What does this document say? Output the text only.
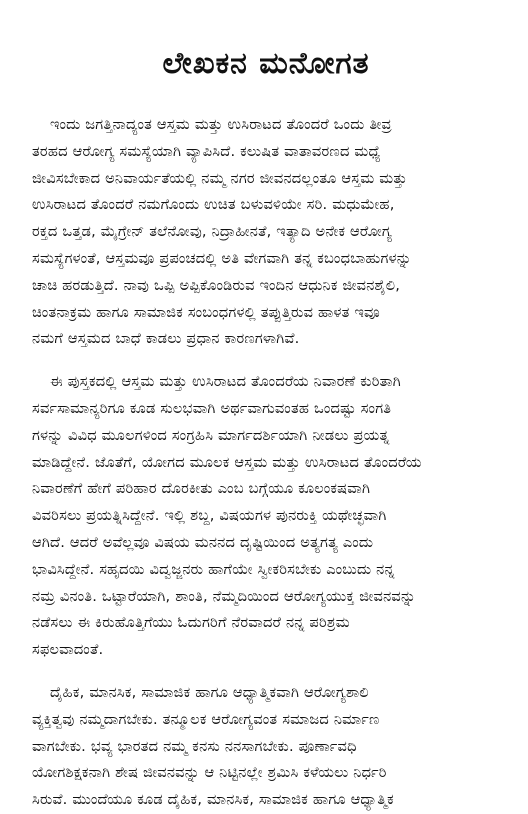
ಲೇಖಕನ ಮನೋಗತ

ಇಂದು ಜಗತ್ತಿನಾದ್ಯಂತ ಆಸ್ತಮ ಮತ್ತು ಉಸಿರಾಟದ ತೊಂದರೆ ಒಂದು ತೀವ್ರ

ತರಹದ ಆರೋಗ್ಯ ಸಮಸ್ಯೆಯಾಗಿ ವ್ಯಾಪಿಸಿದೆ. ಕಲುಷಿತ ವಾತಾವರಣದ ಮಧ್ಯೆ

ಜೀವಿಸಬೇಕಾದ ಅನಿವಾರ್ಯತೆಯಲ್ಲಿ ನಮ್ಮ ನಗರ ಜೀವನದಲ್ಲಂತೂ ಆಸ್ತಮ ಮತ್ತು

ಉಸಿರಾಟದ ತೊಂದರೆ ನಮಗೊಂದು ಉಚಿತ ಬಳುವಳಿಯೇ ಸರಿ. ಮಧುಮೇಹ,

ರಕ್ತದ ಒತ್ತಡ, ಮೈಗ್ರೇನ್ ತಲೆನೋವು, ನಿದ್ರಾಹೀನತೆ, ಇತ್ಯಾದಿ ಅನೇಕ ಆರೋಗ್ಯ

ಸಮಸ್ಯೆಗಳಂತೆ, ಆಸ್ತಮವೂ ಪ್ರಪಂಚದಲ್ಲಿ ಅತಿ ವೇಗವಾಗಿ ತನ್ನ ಕಬಂಧಬಾಹುಗಳನ್ನು

ಚಾಚಿ ಹರಡುತ್ತಿದೆ. ನಾವು ಒಪ್ಪಿ ಅಪ್ಪಿಕೊಂಡಿರುವ ಇಂದಿನ ಆಧುನಿಕ ಜೀವನಶೈಲಿ,

ಚಿಂತನಾಕ್ರಮ ಹಾಗೂ ಸಾಮಾಜಿಕ ಸಂಬಂಧಗಳಲ್ಲಿ ತಪ್ಪುತ್ತಿರುವ ಹಾಳತ ಇವೂ

ನಮಗೆ ಆಸ್ತಮದ ಬಾಧೆ ಕಾಡಲು ಪ್ರಧಾನ ಕಾರಣಗಳಾಗಿವೆ.

ಈ ಪುಸ್ತಕದಲ್ಲಿ ಆಸ್ತಮ ಮತ್ತು ಉಸಿರಾಟದ ತೊಂದರೆಯ ನಿವಾರಣೆ ಕುರಿತಾಗಿ

ಸರ್ವಸಾಮಾನ್ಯರಿಗೂ ಕೂಡ ಸುಲಭವಾಗಿ ಅರ್ಥವಾಗುವಂತಹ ಒಂದಷ್ಟು ಸಂಗತಿ

ಗಳನ್ನು ವಿವಿಧ ಮೂಲಗಳಿಂದ ಸಂಗ್ರಹಿಸಿ ಮಾರ್ಗದರ್ಶಿಯಾಗಿ ನೀಡಲು ಪ್ರಯತ್ನ

ಮಾಡಿದ್ದೇನೆ. ಜೊತೆಗೆ, ಯೋಗದ ಮೂಲಕ ಆಸ್ತಮ ಮತ್ತು ಉಸಿರಾಟದ ತೊಂದರೆಯ

ನಿವಾರಣೆಗೆ ಹೇಗೆ ಪರಿಹಾರ ದೊರಕೀತು ಎಂಬ ಬಗ್ಗೆಯೂ ಕೂಲಂಕಷವಾಗಿ

ವಿವರಿಸಲು ಪ್ರಯತ್ನಿಸಿದ್ದೇನೆ. ಇಲ್ಲಿ ಶಬ್ದ, ವಿಷಯಗಳ ಪುನರುಕ್ತಿ ಯಥೇಚ್ಛವಾಗಿ

ಆಗಿದೆ. ಆದರೆ ಅವೆಲ್ಲವೂ ವಿಷಯ ಮನನದ ದೃಷ್ಟಿಯಿಂದ ಅತ್ಯಗತ್ಯ ಎಂದು

ಭಾವಿಸಿದ್ದೇನೆ. ಸಹೃದಯಿ ವಿದ್ವಜ್ಜನರು ಹಾಗೆಯೇ ಸ್ವೀಕರಿಸಬೇಕು ಎಂಬುದು ನನ್ನ

ನಮ್ರ ವಿನಂತಿ. ಒಟ್ಟಾರೆಯಾಗಿ, ಶಾಂತಿ, ನೆಮ್ಮದಿಯಿಂದ ಆರೋಗ್ಯಯುಕ್ತ ಜೀವನವನ್ನು

ನಡೆಸಲು ಈ ಕಿರುಹೊತ್ತಿಗೆಯು ಓದುಗರಿಗೆ ನೆರವಾದರೆ ನನ್ನ ಪರಿಶ್ರಮ

ಸಫಲವಾದಂತೆ.

ದೈಹಿಕ, ಮಾನಸಿಕ, ಸಾಮಾಜಿಕ ಹಾಗೂ ಆಧ್ಯಾತ್ಮಿಕವಾಗಿ ಆರೋಗ್ಯಶಾಲಿ

ವ್ಯಕ್ತಿತ್ವವು ನಮ್ಮದಾಗಬೇಕು. ತನ್ಮೂಲಕ ಆರೋಗ್ಯವಂತ ಸಮಾಜದ ನಿರ್ಮಾಣ

ವಾಗಬೇಕು. ಭವ್ಯ ಭಾರತದ ನಮ್ಮ ಕನಸು ನನಸಾಗಬೇಕು. ಪೂರ್ಣಾವಧಿ

ಯೋಗಶಿಕ್ಷಕನಾಗಿ ಶೇಷ ಜೀವನವನ್ನು ಆ ನಿಟ್ಟಿನಲ್ಲೇ ಶ್ರಮಿಸಿ ಕಳೆಯಲು ನಿರ್ಧರಿ

ಸಿರುವೆ. ಮುಂದೆಯೂ ಕೂಡ ದೈಹಿಕ, ಮಾನಸಿಕ, ಸಾಮಾಜಿಕ ಹಾಗೂ ಆಧ್ಯಾತ್ಮಿಕ
